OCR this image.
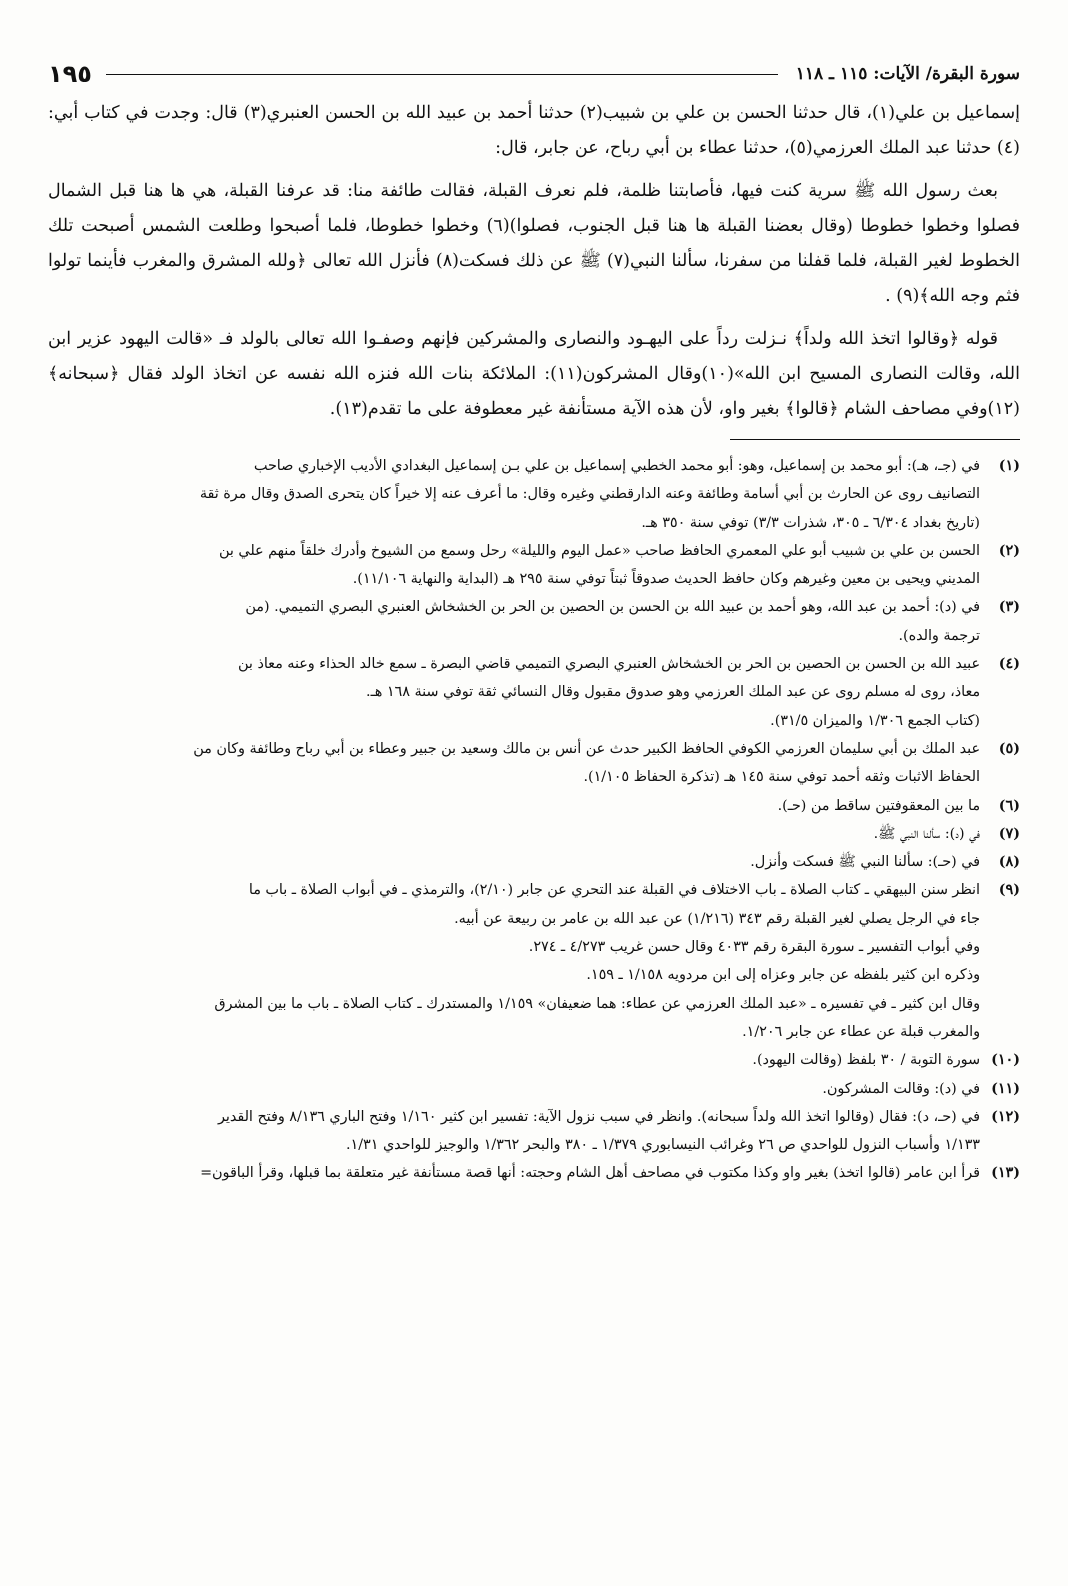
سورة البقرة/ الآيات: ١١٥ ـ ١١٨
١٩٥

إسماعيل بن علي(١)، قال حدثنا الحسن بن علي بن شبيب(٢) حدثنا أحمد بن عبيد الله بن الحسن العنبري(٣) قال: وجدت في كتاب أبي: (٤) حدثنا عبد الملك العرزمي(٥)، حدثنا عطاء بن أبي رباح، عن جابر، قال:

بعث رسول الله ﷺ سرية كنت فيها، فأصابتنا ظلمة، فلم نعرف القبلة، فقالت طائفة منا: قد عرفنا القبلة، هي ها هنا قبل الشمال فصلوا وخطوا خطوطا (وقال بعضنا القبلة ها هنا قبل الجنوب، فصلوا)(٦) وخطوا خطوطا، فلما أصبحوا وطلعت الشمس أصبحت تلك الخطوط لغير القبلة، فلما قفلنا من سفرنا، سألنا النبي(٧) ﷺ عن ذلك فسكت(٨) فأنزل الله تعالى ﴿ولله المشرق والمغرب فأينما تولوا فثم وجه الله﴾(٩) .

قوله ﴿وقالوا اتخذ الله ولداً﴾ نـزلت رداً على اليهـود والنصارى والمشركين فإنهم وصفـوا الله تعالى بالولد فـ «قالت اليهود عزير ابن الله، وقالت النصارى المسيح ابن الله»(١٠)وقال المشركون(١١): الملائكة بنات الله فنزه الله نفسه عن اتخاذ الولد فقال ﴿سبحانه﴾(١٢)وفي مصاحف الشام ﴿قالوا﴾ بغير واو، لأن هذه الآية مستأنفة غير معطوفة على ما تقدم(١٣).

(١)
في (جـ، هـ): أبو محمد بن إسماعيل، وهو: أبو محمد الخطبي إسماعيل بن علي بـن إسماعيل البغدادي الأديب الإخباري صاحب
التصانيف روى عن الحارث بن أبي أسامة وطائفة وعنه الدارقطني وغيره وقال: ما أعرف عنه إلا خيراً كان يتحرى الصدق وقال مرة ثقة
(تاريخ بغداد ٦/٣٠٤ ـ ٣٠٥، شذرات ٣/٣) توفي سنة ٣٥٠ هـ.
(٢)
الحسن بن علي بن شبيب أبو علي المعمري الحافظ صاحب «عمل اليوم والليلة» رحل وسمع من الشيوخ وأدرك خلقاً منهم علي بن
المديني ويحيى بن معين وغيرهم وكان حافظ الحديث صدوقاً ثبتاً توفي سنة ٢٩٥ هـ (البداية والنهاية ١١/١٠٦).
(٣)
في (د): أحمد بن عبد الله، وهو أحمد بن عبيد الله بن الحسن بن الحصين بن الحر بن الخشخاش العنبري البصري التميمي. (من
ترجمة والده).
(٤)
عبيد الله بن الحسن بن الحصين بن الحر بن الخشخاش العنبري البصري التميمي قاضي البصرة ـ سمع خالد الحذاء وعنه معاذ بن
معاذ، روى له مسلم روى عن عبد الملك العرزمي وهو صدوق مقبول وقال النسائي ثقة توفي سنة ١٦٨ هـ.
(كتاب الجمع ١/٣٠٦ والميزان ٣١/٥).
(٥)
عبد الملك بن أبي سليمان العرزمي الكوفي الحافظ الكبير حدث عن أنس بن مالك وسعيد بن جبير وعطاء بن أبي رباح وطائفة وكان من
الحفاظ الاثبات وثقه أحمد توفي سنة ١٤٥ هـ (تذكرة الحفاظ ١/١٠٥).
(٦)
ما بين المعقوفتين ساقط من (حـ).
(٧)
في (د): سألنا النبي ﷺ.
(٨)
في (حـ): سألنا النبي ﷺ فسكت وأنزل.
(٩)
انظر سنن البيهقي ـ كتاب الصلاة ـ باب الاختلاف في القبلة عند التحري عن جابر (٢/١٠)، والترمذي ـ في أبواب الصلاة ـ باب ما
جاء في الرجل يصلي لغير القبلة رقم ٣٤٣ (١/٢١٦) عن عبد الله بن عامر بن ربيعة عن أبيه.
وفي أبواب التفسير ـ سورة البقرة رقم ٤٠٣٣ وقال حسن غريب ٤/٢٧٣ ـ ٢٧٤.
وذكره ابن كثير بلفظه عن جابر وعزاه إلى ابن مردويه ١/١٥٨ ـ ١٥٩.
وقال ابن كثير ـ في تفسيره ـ «عبد الملك العرزمي عن عطاء: هما ضعيفان» ١/١٥٩ والمستدرك ـ كتاب الصلاة ـ باب ما بين المشرق
والمغرب قبلة عن عطاء عن جابر ١/٢٠٦.
(١٠)
سورة التوبة / ٣٠ بلفظ (وقالت اليهود).
(١١)
في (د): وقالت المشركون.
(١٢)
في (حـ، د): فقال (وقالوا اتخذ الله ولداً سبحانه). وانظر في سبب نزول الآية: تفسير ابن كثير ١/١٦٠ وفتح الباري ٨/١٣٦ وفتح القدير
١/١٣٣ وأسباب النزول للواحدي ص ٢٦ وغرائب النيسابوري ١/٣٧٩ ـ ٣٨٠ والبحر ١/٣٦٢ والوجيز للواحدي ١/٣١.
(١٣)
قرأ ابن عامر (قالوا اتخذ) بغير واو وكذا مكتوب في مصاحف أهل الشام وحجته: أنها قصة مستأنفة غير متعلقة بما قبلها، وقرأ الباقون=
